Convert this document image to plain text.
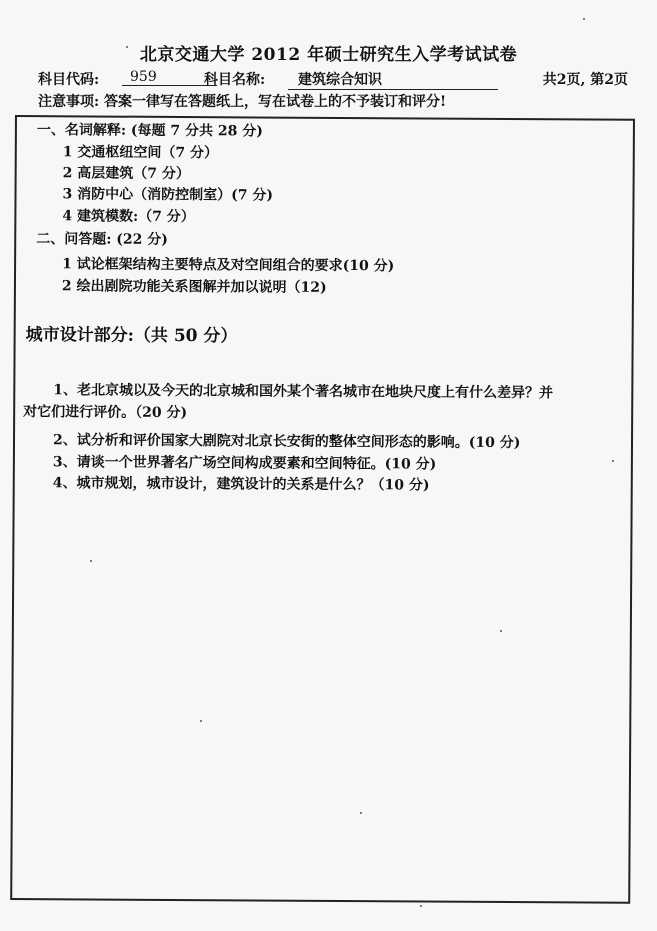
北京交通大学 2012 年硕士研究生入学考试试卷
科目代码:	959	科目名称:	建筑综合知识	共2页, 第2页
注意事项: 答案一律写在答题纸上，写在试卷上的不予装订和评分!
一、名词解释: (每题 7 分共 28 分)
1 交通枢纽空间（7 分）
2 高层建筑（7 分）
3 消防中心（消防控制室）(7 分)
4 建筑模数:（7 分）
二、问答题: (22 分)
1 试论框架结构主要特点及对空间组合的要求(10 分)
2 绘出剧院功能关系图解并加以说明（12)
城市设计部分:（共 50 分）
1、老北京城以及今天的北京城和国外某个著名城市在地块尺度上有什么差异？并
对它们进行评价。（20 分)
2、试分析和评价国家大剧院对北京长安街的整体空间形态的影响。(10 分)
3、请谈一个世界著名广场空间构成要素和空间特征。(10 分)
4、城市规划，城市设计，建筑设计的关系是什么？（10 分)
